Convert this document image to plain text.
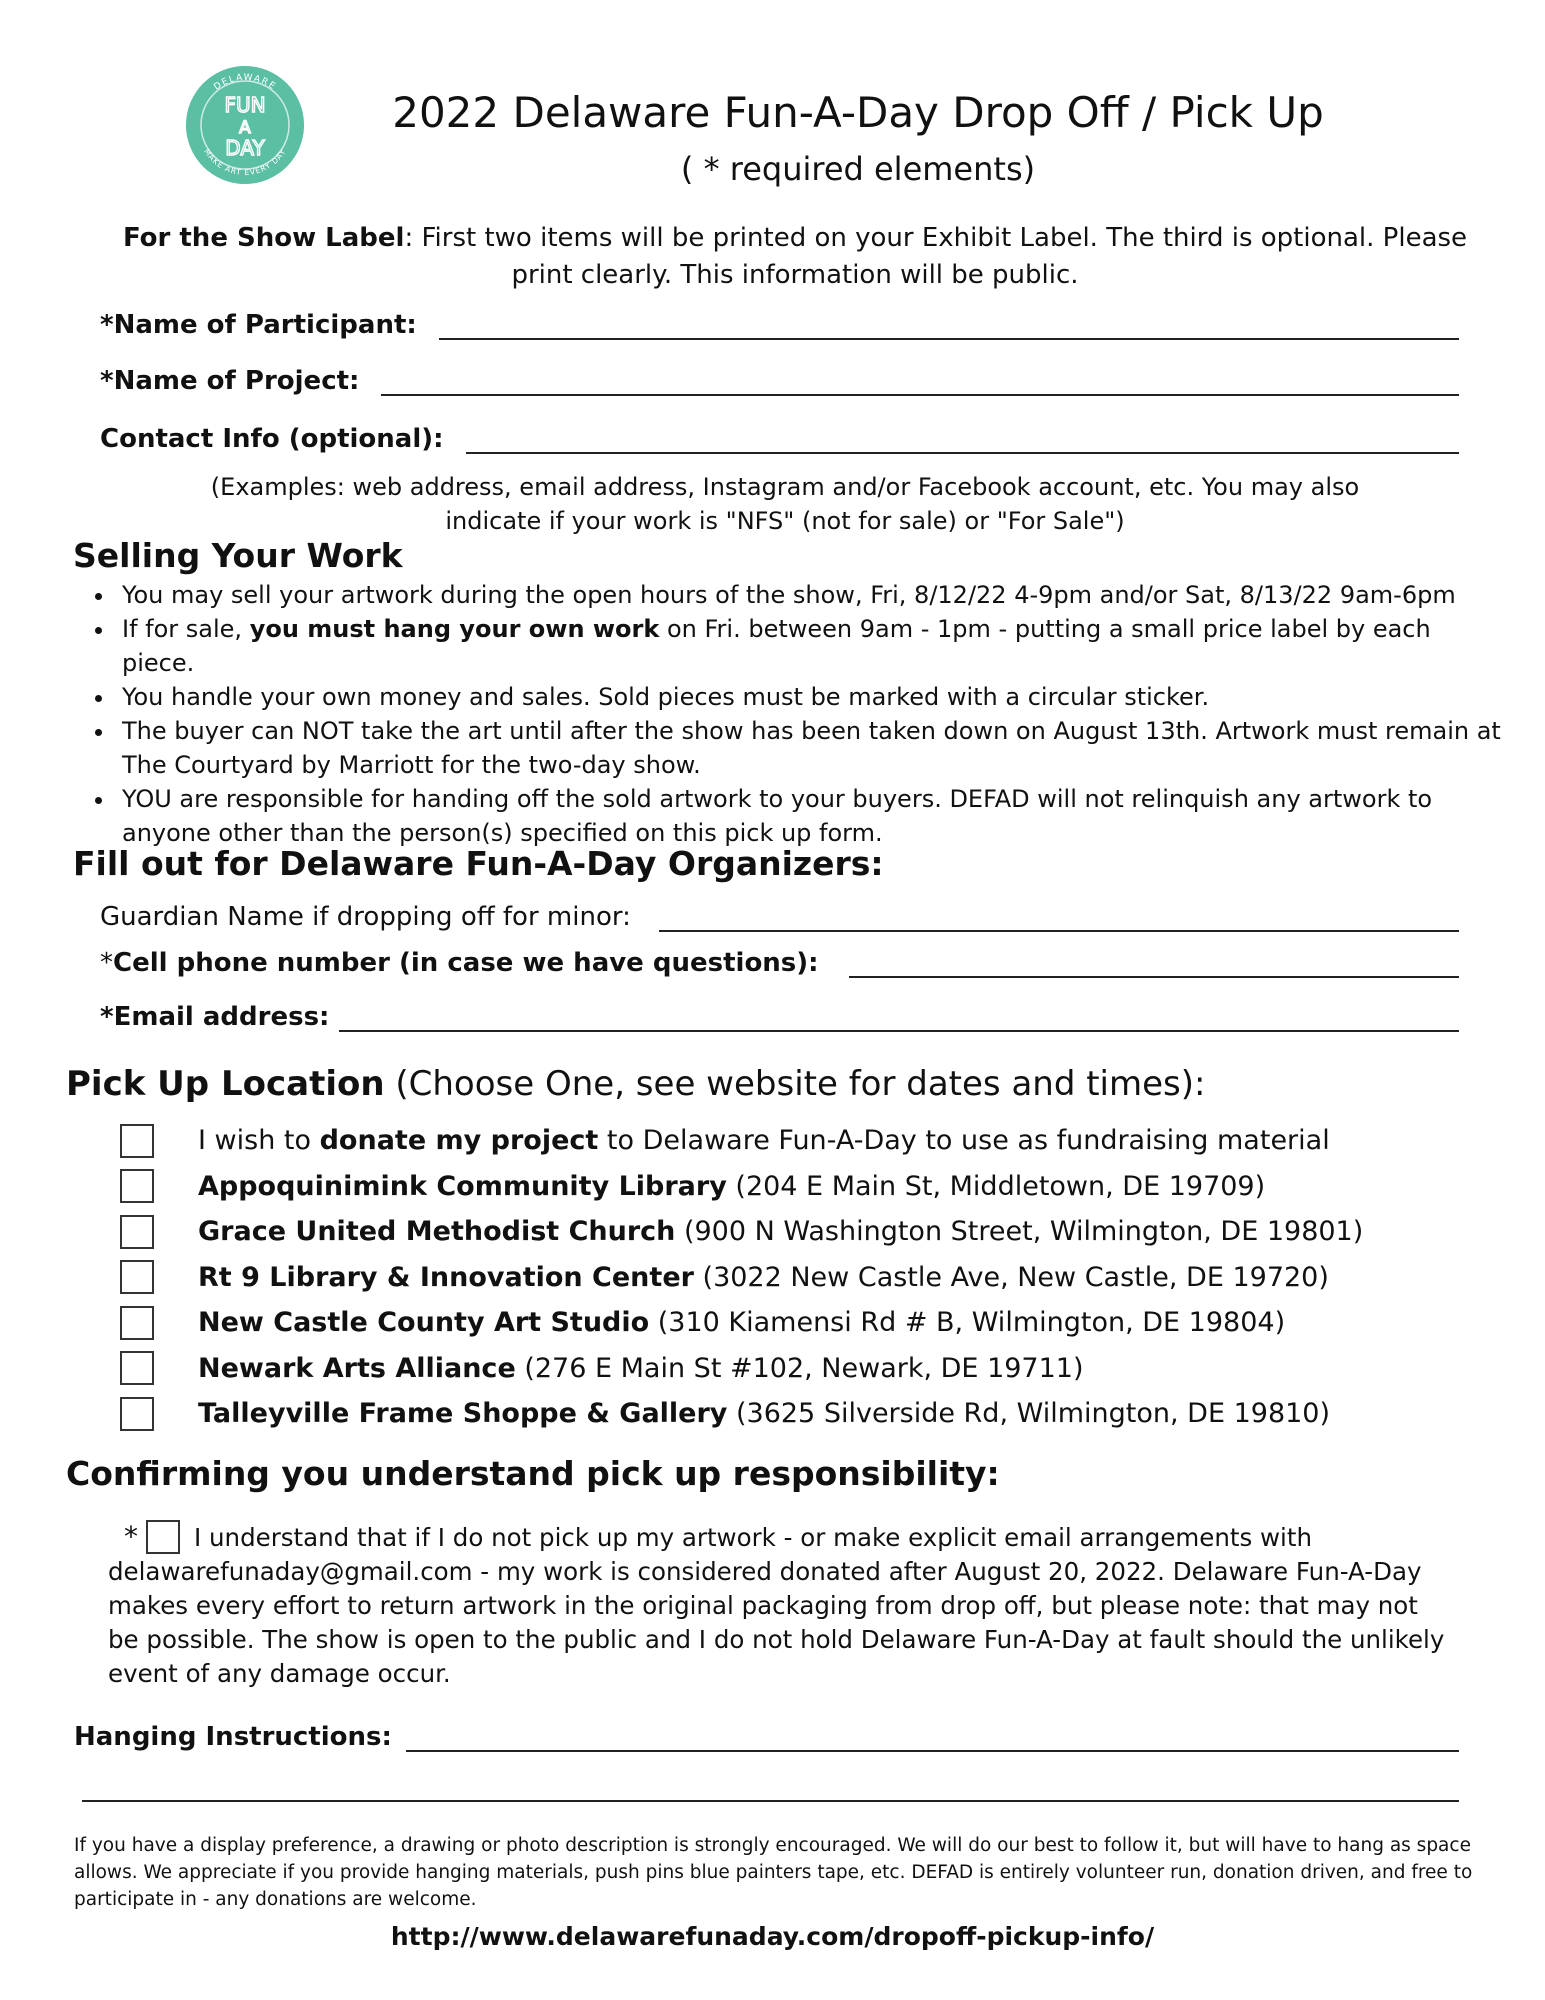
DELAWARE
MAKE ART EVERY DAY
FUN
A
DAY
2022 Delaware Fun-A-Day Drop Off / Pick Up
( * required elements)
For the Show Label: First two items will be printed on your Exhibit Label. The third is optional. Please print clearly. This information will be public.
*Name of Participant:
*Name of Project:
Contact Info (optional):
(Examples: web address, email address, Instagram and/or Facebook account, etc. You may also
indicate if your work is "NFS" (not for sale) or "For Sale")
Selling Your Work
• You may sell your artwork during the open hours of the show, Fri, 8/12/22 4-9pm and/or Sat, 8/13/22 9am-6pm
• If for sale, you must hang your own work on Fri. between 9am - 1pm - putting a small price label by each piece.
• You handle your own money and sales. Sold pieces must be marked with a circular sticker.
• The buyer can NOT take the art until after the show has been taken down on August 13th. Artwork must remain at The Courtyard by Marriott for the two-day show.
• YOU are responsible for handing off the sold artwork to your buyers. DEFAD will not relinquish any artwork to anyone other than the person(s) specified on this pick up form.
Fill out for Delaware Fun-A-Day Organizers:
Guardian Name if dropping off for minor:
*Cell phone number (in case we have questions):
*Email address:
Pick Up Location (Choose One, see website for dates and times):
I wish to donate my project to Delaware Fun-A-Day to use as fundraising material
Appoquinimink Community Library (204 E Main St, Middletown, DE 19709)
Grace United Methodist Church (900 N Washington Street, Wilmington, DE 19801)
Rt 9 Library & Innovation Center (3022 New Castle Ave, New Castle, DE 19720)
New Castle County Art Studio (310 Kiamensi Rd # B, Wilmington, DE 19804)
Newark Arts Alliance (276 E Main St #102, Newark, DE 19711)
Talleyville Frame Shoppe & Gallery (3625 Silverside Rd, Wilmington, DE 19810)
Confirming you understand pick up responsibility:
* I understand that if I do not pick up my artwork - or make explicit email arrangements with delawarefunaday@gmail.com - my work is considered donated after August 20, 2022. Delaware Fun-A-Day makes every effort to return artwork in the original packaging from drop off, but please note: that may not be possible. The show is open to the public and I do not hold Delaware Fun-A-Day at fault should the unlikely event of any damage occur.
Hanging Instructions:
If you have a display preference, a drawing or photo description is strongly encouraged. We will do our best to follow it, but will have to hang as space allows. We appreciate if you provide hanging materials, push pins blue painters tape, etc. DEFAD is entirely volunteer run, donation driven, and free to participate in - any donations are welcome.
http://www.delawarefunaday.com/dropoff-pickup-info/
